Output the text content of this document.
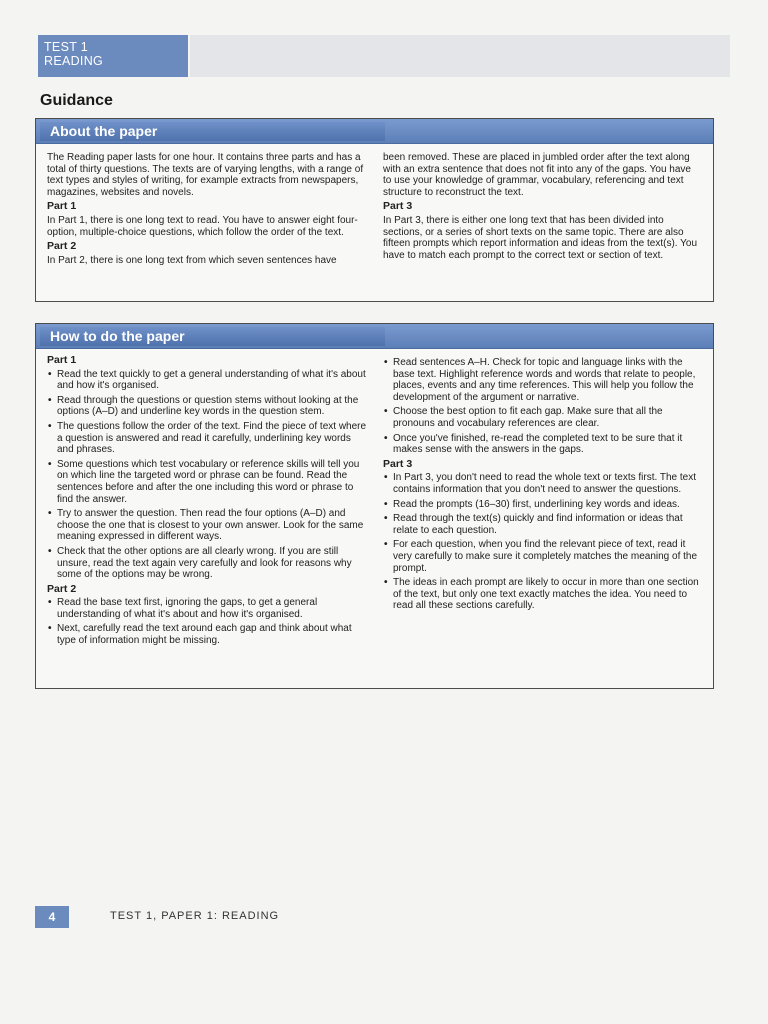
TEST 1
READING
Guidance
About the paper

The Reading paper lasts for one hour. It contains three parts and has a total of thirty questions. The texts are of varying lengths, with a range of text types and styles of writing, for example extracts from newspapers, magazines, websites and novels.

Part 1

In Part 1, there is one long text to read. You have to answer eight four-option, multiple-choice questions, which follow the order of the text.

Part 2

In Part 2, there is one long text from which seven sentences have

been removed. These are placed in jumbled order after the text along with an extra sentence that does not fit into any of the gaps. You have to use your knowledge of grammar, vocabulary, referencing and text structure to reconstruct the text.

Part 3

In Part 3, there is either one long text that has been divided into sections, or a series of short texts on the same topic. There are also fifteen prompts which report information and ideas from the text(s). You have to match each prompt to the correct text or section of text.

How to do the paper
Part 1
• Read the text quickly to get a general understanding of what it's about and how it's organised.
• Read through the questions or question stems without looking at the options (A–D) and underline key words in the question stem.
• The questions follow the order of the text. Find the piece of text where a question is answered and read it carefully, underlining key words and phrases.
• Some questions which test vocabulary or reference skills will tell you on which line the targeted word or phrase can be found. Read the sentences before and after the one including this word or phrase to find the answer.
• Try to answer the question. Then read the four options (A–D) and choose the one that is closest to your own answer. Look for the same meaning expressed in different ways.
• Check that the other options are all clearly wrong. If you are still unsure, read the text again very carefully and look for reasons why some of the options may be wrong.
Part 2
• Read the base text first, ignoring the gaps, to get a general understanding of what it's about and how it's organised.
• Next, carefully read the text around each gap and think about what type of information might be missing.
• Read sentences A–H. Check for topic and language links with the base text. Highlight reference words and words that relate to people, places, events and any time references. This will help you follow the development of the argument or narrative.
• Choose the best option to fit each gap. Make sure that all the pronouns and vocabulary references are clear.
• Once you've finished, re-read the completed text to be sure that it makes sense with the answers in the gaps.
Part 3
• In Part 3, you don't need to read the whole text or texts first. The text contains information that you don't need to answer the questions.
• Read the prompts (16–30) first, underlining key words and ideas.
• Read through the text(s) quickly and find information or ideas that relate to each question.
• For each question, when you find the relevant piece of text, read it very carefully to make sure it completely matches the meaning of the prompt.
• The ideas in each prompt are likely to occur in more than one section of the text, but only one text exactly matches the idea. You need to read all these sections carefully.
4	TEST 1, PAPER 1: READING
